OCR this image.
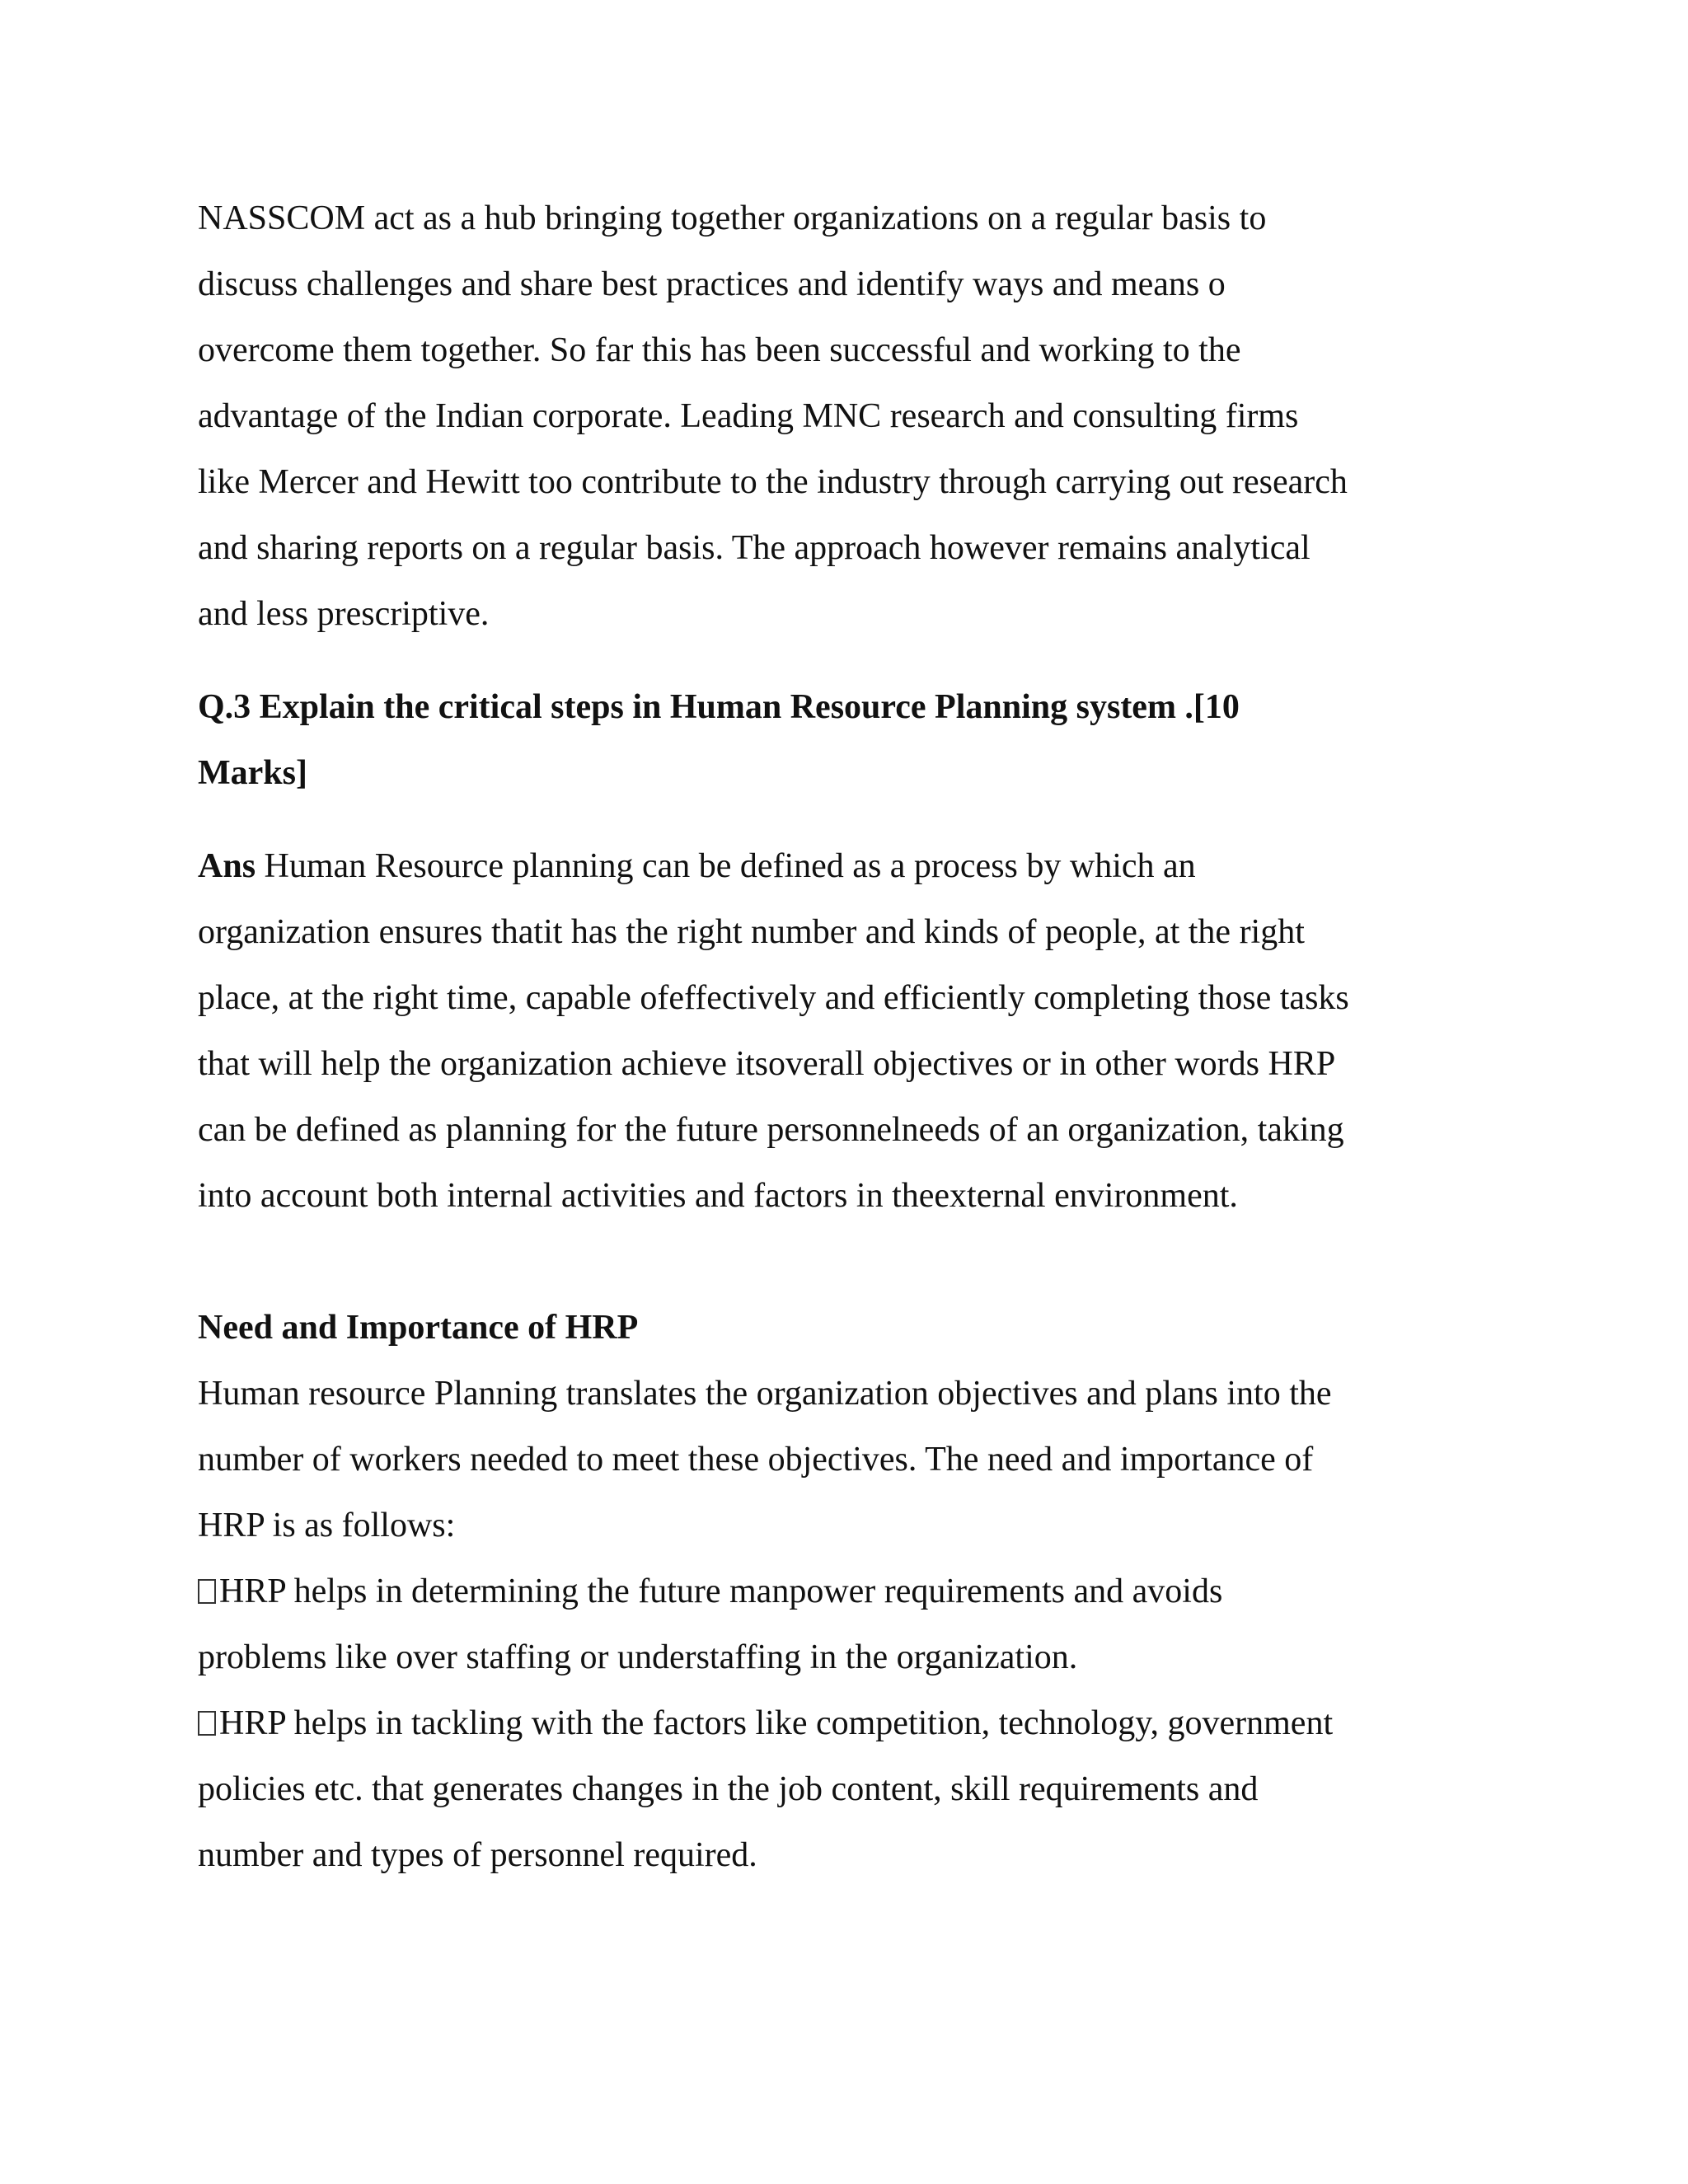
NASSCOM act as a hub bringing together organizations on a regular basis to
discuss challenges and share best practices and identify ways and means o
overcome them together. So far this has been successful and working to the
advantage of the Indian corporate. Leading MNC research and consulting firms
like Mercer and Hewitt too contribute to the industry through carrying out research
and sharing reports on a regular basis. The approach however remains analytical
and less prescriptive.
Q.3 Explain the critical steps in Human Resource Planning system .[10
Marks]
Ans Human Resource planning can be defined as a process by which an
organization ensures thatit has the right number and kinds of people, at the right
place, at the right time, capable ofeffectively and efficiently completing those tasks
that will help the organization achieve itsoverall objectives or in other words HRP
can be defined as planning for the future personnelneeds of an organization, taking
into account both internal activities and factors in theexternal environment.
Need and Importance of HRP
Human resource Planning translates the organization objectives and plans into the
number of workers needed to meet these objectives. The need and importance of
HRP is as follows:
HRP helps in determining the future manpower requirements and avoids
problems like over staffing or understaffing in the organization.
HRP helps in tackling with the factors like competition, technology, government
policies etc. that generates changes in the job content, skill requirements and
number and types of personnel required.
